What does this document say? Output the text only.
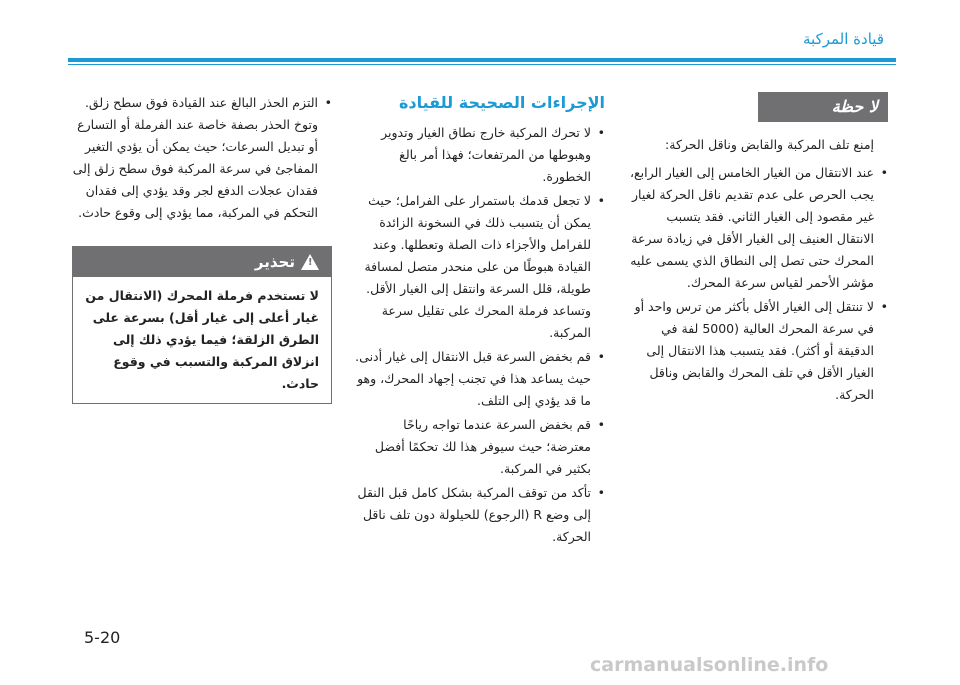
قيادة المركبة
لا حظة
إمنع تلف المركبة والقابض وناقل الحركة:
• عند الانتقال من الغيار الخامس إلى الغيار الرابع، يجب الحرص على عدم تقديم ناقل الحركة لغيار غير مقصود إلى الغيار الثاني. فقد يتسبب الانتقال العنيف إلى الغيار الأقل في زيادة سرعة المحرك حتى تصل إلى النطاق الذي يسمى عليه مؤشر الأحمر لقياس سرعة المحرك.
• لا تنتقل إلى الغيار الأقل بأكثر من ترس واحد أو في سرعة المحرك العالية (5000 لفة في الدقيقة أو أكثر). فقد يتسبب هذا الانتقال إلى الغيار الأقل في تلف المحرك والقابض وناقل الحركة.
الإجراءات الصحيحة للقيادة
• لا تحرك المركبة خارج نطاق الغيار وتدوير وهبوطها من المرتفعات؛ فهذا أمر بالغ الخطورة.
• لا تجعل قدمك باستمرار على الفرامل؛ حيث يمكن أن يتسبب ذلك في السخونة الزائدة للفرامل والأجزاء ذات الصلة وتعطلها. وعند القيادة هبوطًا من على منحدر متصل لمسافة طويلة، قلل السرعة وانتقل إلى الغيار الأقل. وتساعد فرملة المحرك على تقليل سرعة المركبة.
• قم بخفض السرعة قبل الانتقال إلى غيار أدنى. حيث يساعد هذا في تجنب إجهاد المحرك، وهو ما قد يؤدي إلى التلف.
• قم بخفض السرعة عندما تواجه رياحًا معترضة؛ حيث سيوفر هذا لك تحكمًا أفضل بكثير في المركبة.
• تأكد من توقف المركبة بشكل كامل قبل النقل إلى وضع R (الرجوع) للحيلولة دون تلف ناقل الحركة.
• التزم الحذر البالغ عند القيادة فوق سطح زلق. وتوخ الحذر بصفة خاصة عند الفرملة أو التسارع أو تبديل السرعات؛ حيث يمكن أن يؤدي التغير المفاجئ في سرعة المركبة فوق سطح زلق إلى فقدان عجلات الدفع لجر وقد يؤدي إلى فقدان التحكم في المركبة، مما يؤدي إلى وقوع حادث.
!
تحذير
لا تستخدم فرملة المحرك (الانتقال من غيار أعلى إلى غيار أقل) بسرعة على الطرق الزلقة؛ فيما يؤدي ذلك إلى انزلاق المركبة والتسبب في وقوع حادث.
5-20
carmanualsonline.info
